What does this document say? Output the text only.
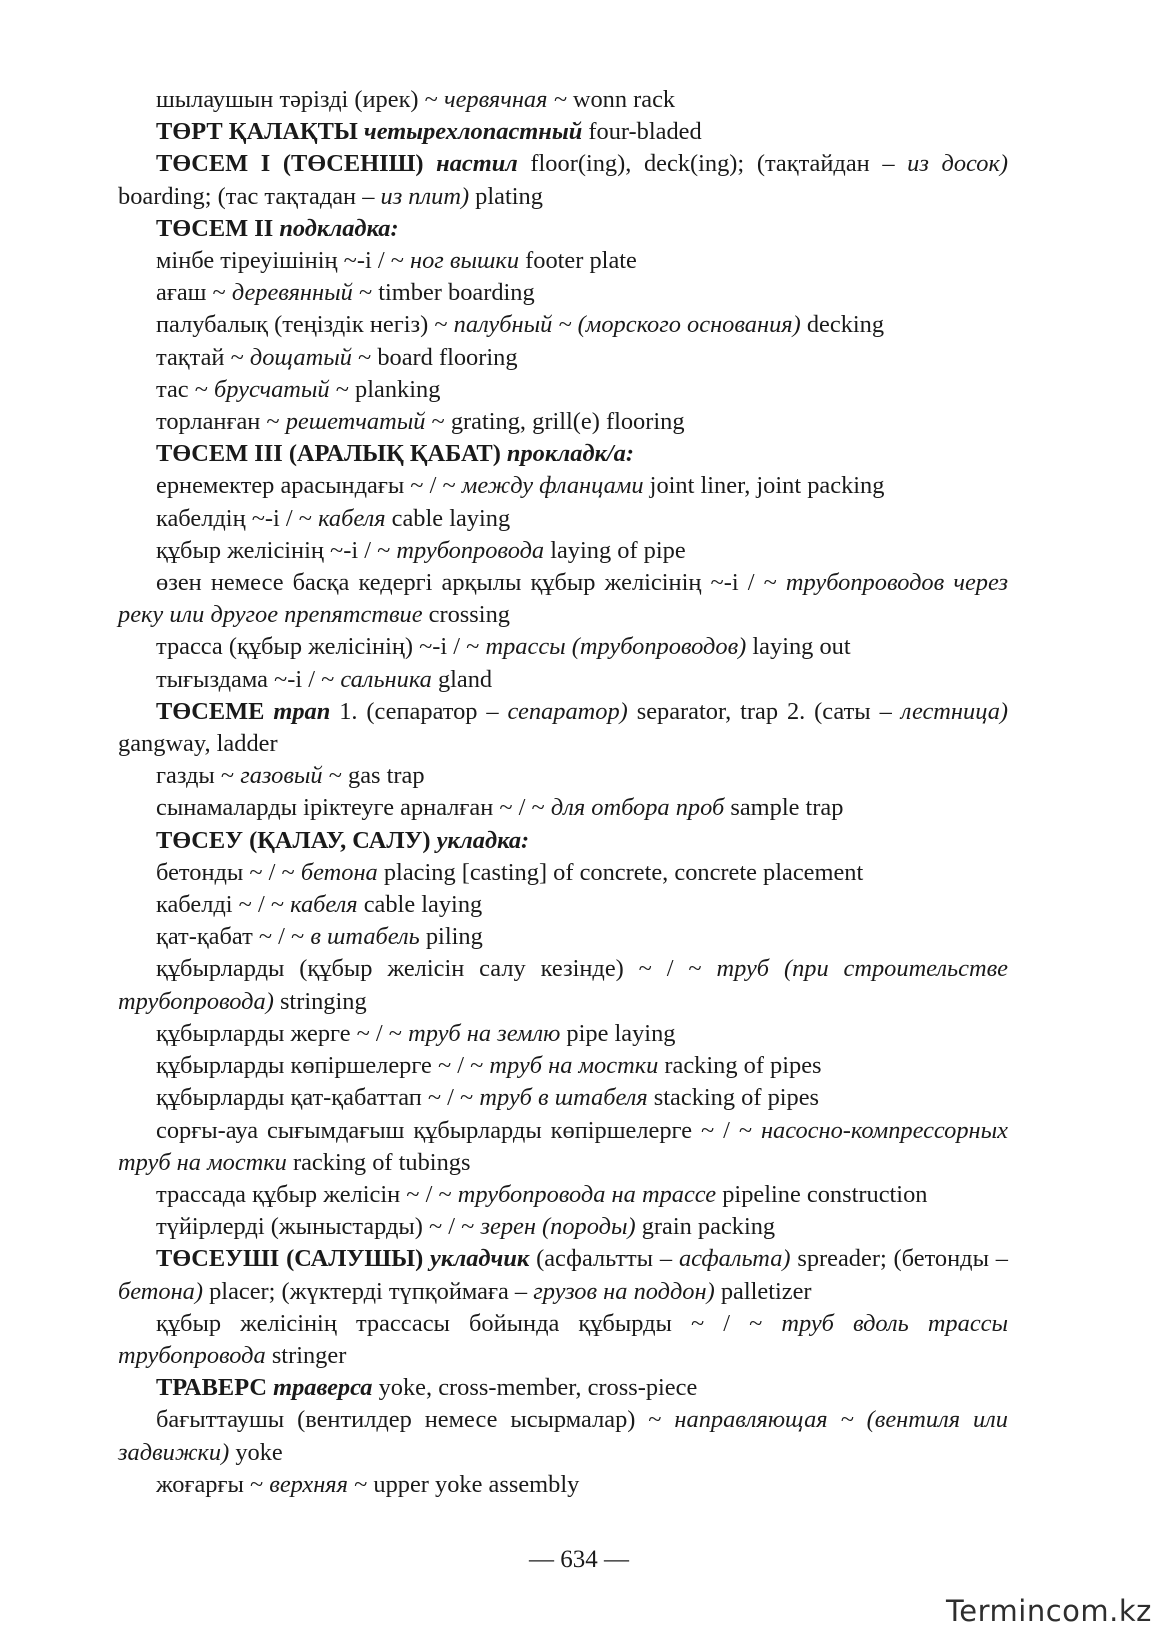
шылаушын тәрізді (ирек) ~ червячная ~ wonn rack

ТӨРТ ҚАЛАҚТЫ четырехлопастный four-bladed

ТӨСЕМ I (ТӨСЕНІШ) настил floor(ing), deck(ing); (тақтайдан – из досок) boarding; (тас тақтадан – из плит) plating

ТӨСЕМ II подкладка:

мінбе тіреуішінің ~-і / ~ ног вышки footer plate

ағаш ~ деревянный ~ timber boarding

палубалық (теңіздік негіз) ~ палубный ~ (морского основания) decking

тақтай ~ дощатый ~ board flooring

тас ~ брусчатый ~ planking

торланған ~ решетчатый ~ grating, grill(e) flooring

ТӨСЕМ III (АРАЛЫҚ ҚАБАТ) прокладк/а:

ернемектер арасындағы ~ / ~ между фланцами joint liner, joint packing

кабелдің ~-і / ~ кабеля cable laying

құбыр желісінің ~-і / ~ трубопровода laying of pipe

өзен немесе басқа кедергі арқылы құбыр желісінің ~-і / ~ трубопроводов через реку или другое препятствие crossing

трасса (құбыр желісінің) ~-і / ~ трассы (трубопроводов) laying out

тығыздама ~-і / ~ сальника gland

ТӨСЕМЕ трап 1. (сепаратор – сепаратор) separator, trap 2. (саты – лестница) gangway, ladder

газды ~ газовый ~ gas trap

сынамаларды іріктеуге арналған ~ / ~ для отбора проб sample trap

ТӨСЕУ (ҚАЛАУ, САЛУ) укладка:

бетонды ~ / ~ бетона placing [casting] of concrete, concrete placement

кабелді ~ / ~ кабеля cable laying

қат-қабат ~ / ~ в штабель piling

құбырларды (құбыр желісін салу кезінде) ~ / ~ труб (при строительстве трубопровода) stringing

құбырларды жерге ~ / ~ труб на землю pipe laying

құбырларды көпіршелерге ~ / ~ труб на мостки racking of pipes

құбырларды қат-қабаттап ~ / ~ труб в штабеля stacking of pipes

сорғы-ауа сығымдағыш құбырларды көпіршелерге ~ / ~ насосно-компрессорных труб на мостки racking of tubings

трассада құбыр желісін ~ / ~ трубопровода на трассе pipeline construction

түйірлерді (жыныстарды) ~ / ~ зерен (породы) grain packing

ТӨСЕУШІ (САЛУШЫ) укладчик (асфальтты – асфальта) spreader; (бетонды – бетона) placer; (жүктерді түпқоймаға – грузов на поддон) palletizer

құбыр желісінің трассасы бойында құбырды ~ / ~ труб вдоль трассы трубопровода stringer

ТРАВЕРС траверса yoke, cross-member, cross-piece

бағыттаушы (вентилдер немесе ысырмалар) ~ направляющая ~ (вентиля или задвижки) yoke

жоғарғы ~ верхняя ~ upper yoke assembly

— 634 —
Termincom.kz
